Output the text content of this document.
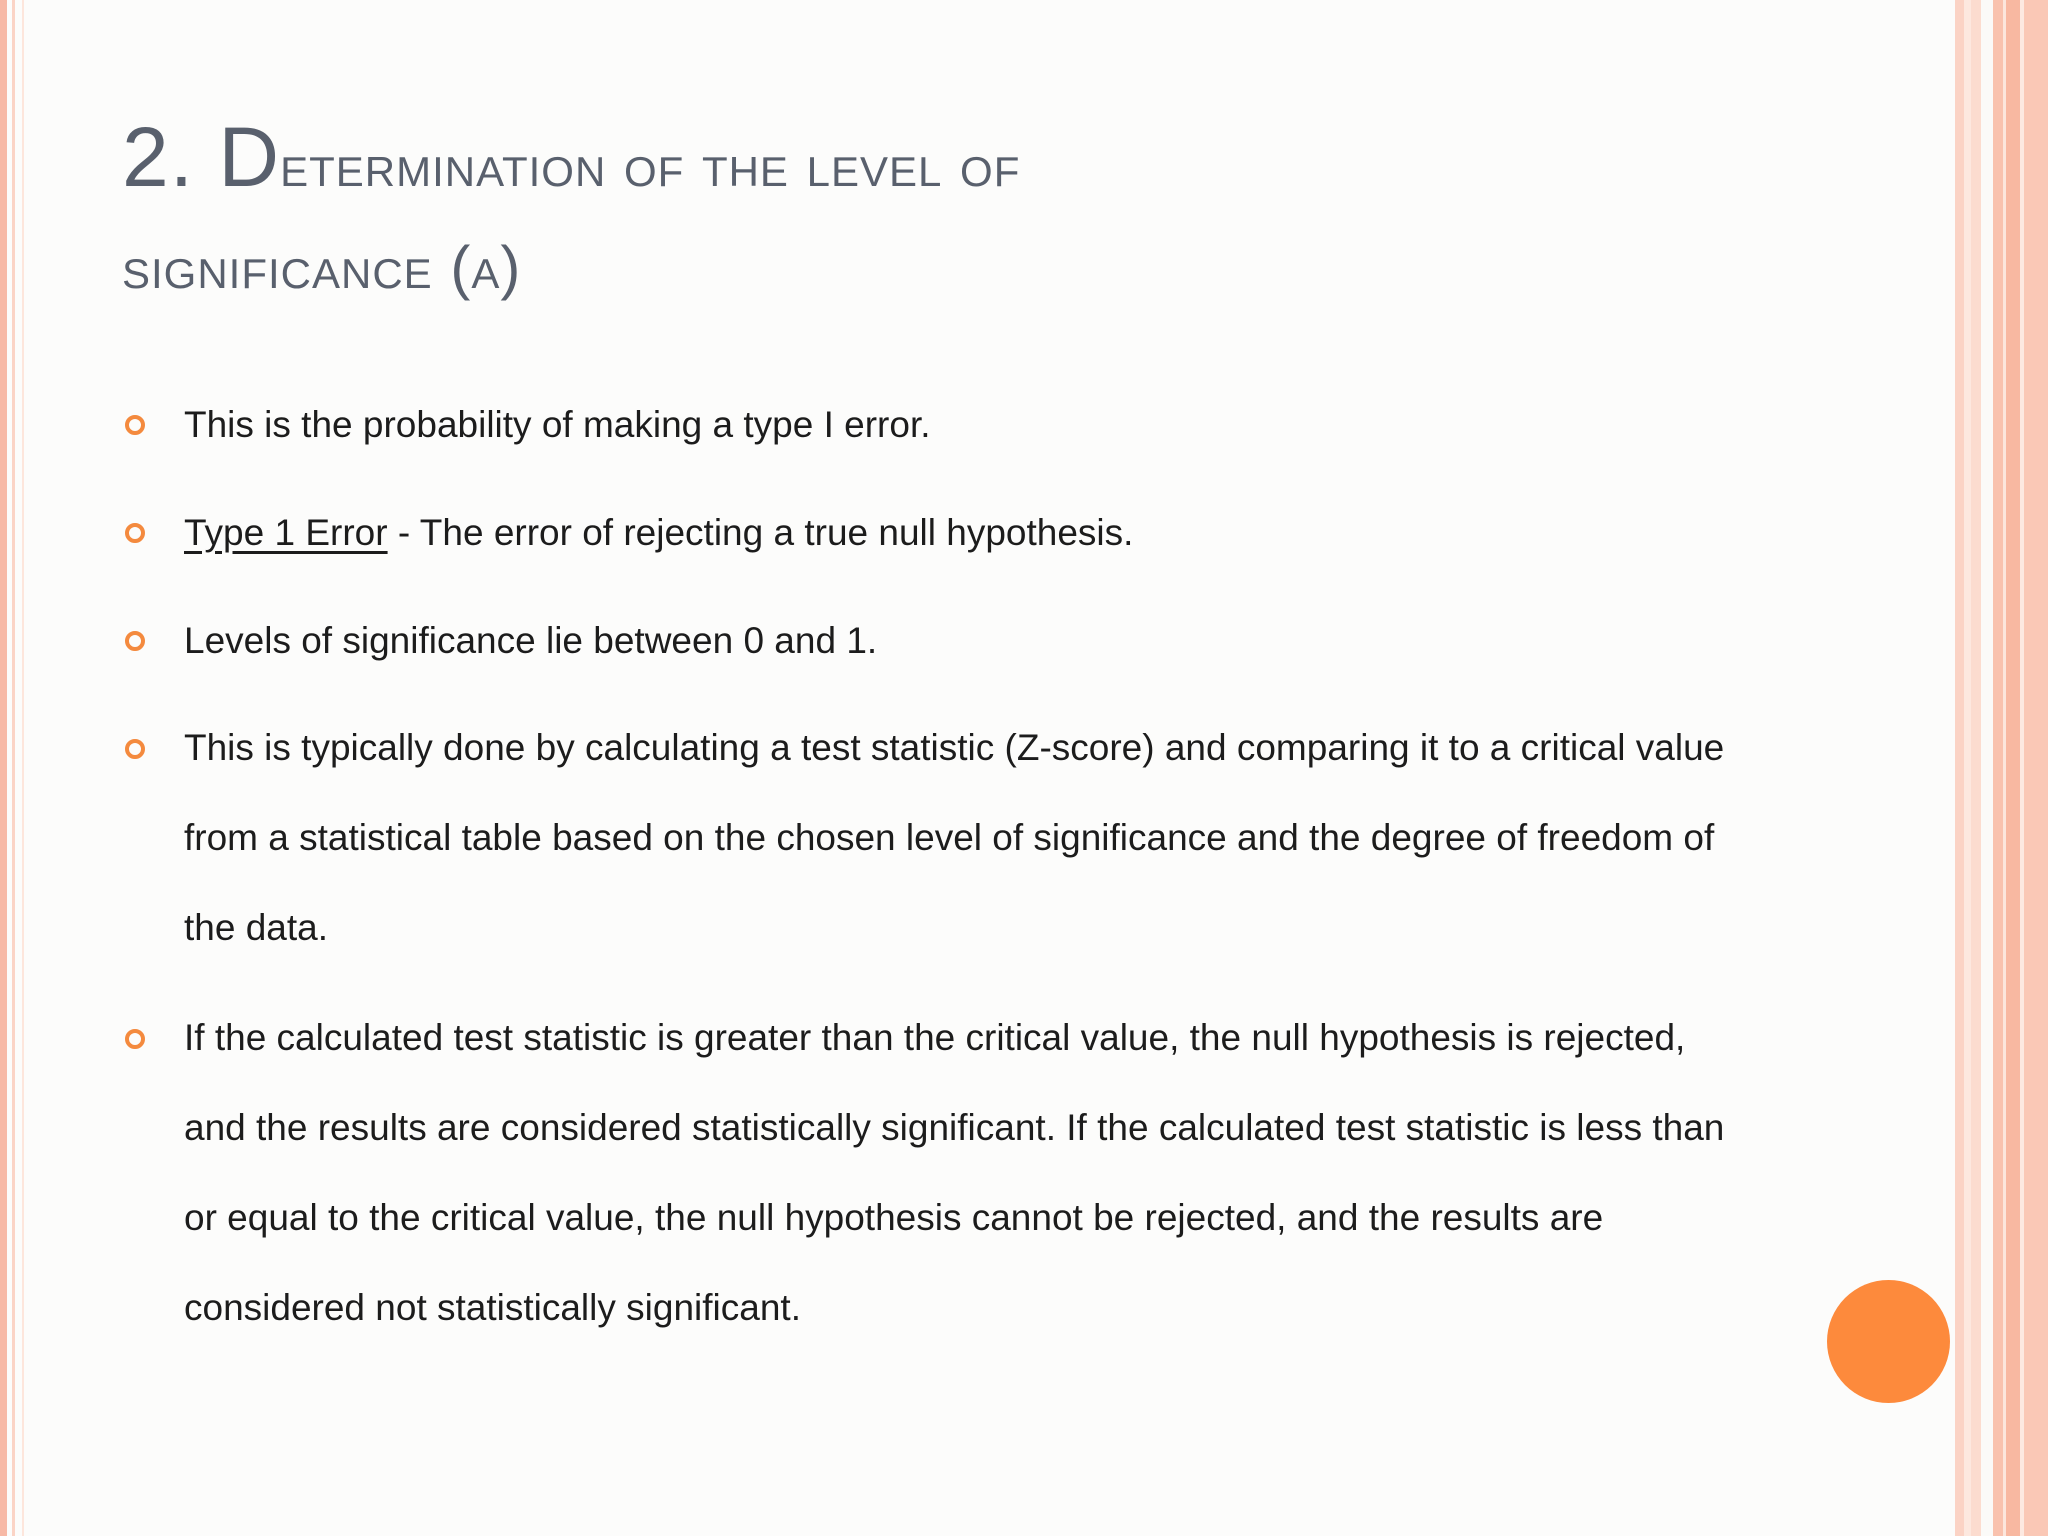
2. Determination of the level of
significance (a)

This is the probability of making a type I error.

Type 1 Error - The error of rejecting a true null hypothesis.

Levels of significance lie between 0 and 1.

This is typically done by calculating a test statistic (Z-score) and comparing it to a critical value from a statistical table based on the chosen level of significance and the degree of freedom of the data.

If the calculated test statistic is greater than the critical value, the null hypothesis is rejected, and the results are considered statistically significant. If the calculated test statistic is less than or equal to the critical value, the null hypothesis cannot be rejected, and the results are considered not statistically significant.
